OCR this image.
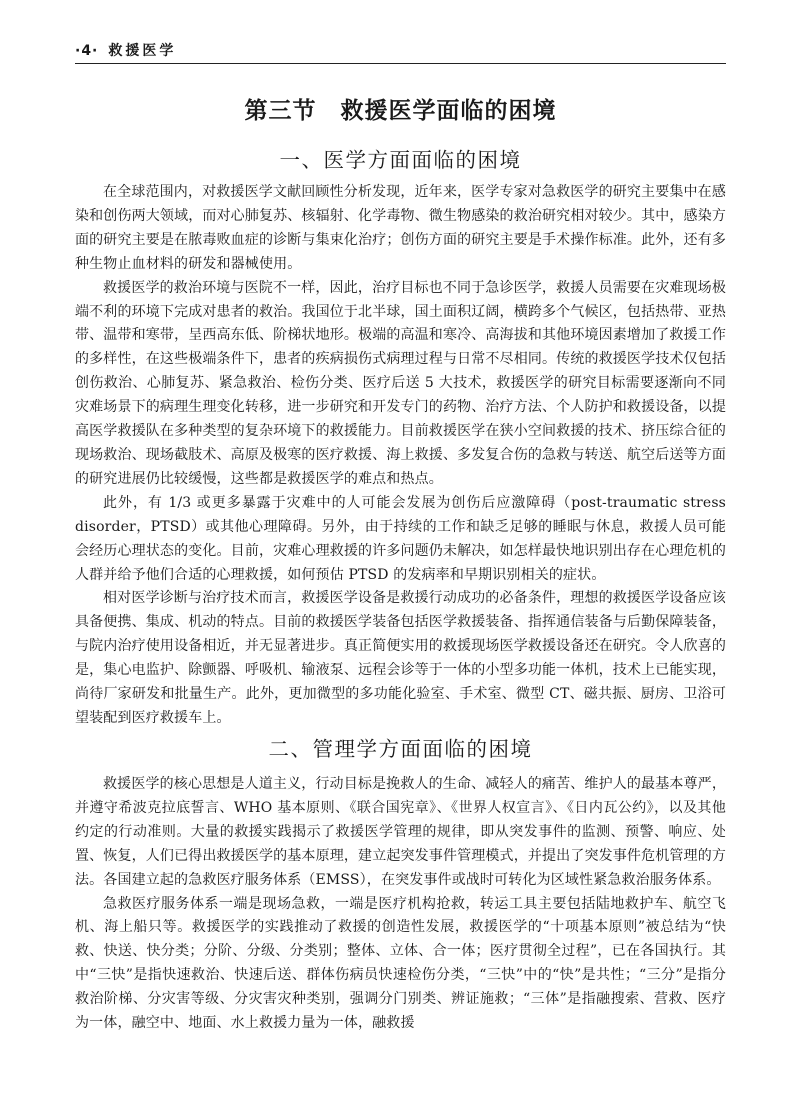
·4· 救援医学
第三节 救援医学面临的困境
一、医学方面面临的困境

在全球范围内，对救援医学文献回顾性分析发现，近年来，医学专家对急救医学的研究主要集中在感染和创伤两大领域，而对心肺复苏、核辐射、化学毒物、微生物感染的救治研究相对较少。其中，感染方面的研究主要是在脓毒败血症的诊断与集束化治疗；创伤方面的研究主要是手术操作标准。此外，还有多种生物止血材料的研发和器械使用。

救援医学的救治环境与医院不一样，因此，治疗目标也不同于急诊医学，救援人员需要在灾难现场极端不利的环境下完成对患者的救治。我国位于北半球，国土面积辽阔，横跨多个气候区，包括热带、亚热带、温带和寒带，呈西高东低、阶梯状地形。极端的高温和寒冷、高海拔和其他环境因素增加了救援工作的多样性，在这些极端条件下，患者的疾病损伤式病理过程与日常不尽相同。传统的救援医学技术仅包括创伤救治、心肺复苏、紧急救治、检伤分类、医疗后送 5 大技术，救援医学的研究目标需要逐渐向不同灾难场景下的病理生理变化转移，进一步研究和开发专门的药物、治疗方法、个人防护和救援设备，以提高医学救援队在多种类型的复杂环境下的救援能力。目前救援医学在狭小空间救援的技术、挤压综合征的现场救治、现场截肢术、高原及极寒的医疗救援、海上救援、多发复合伤的急救与转送、航空后送等方面的研究进展仍比较缓慢，这些都是救援医学的难点和热点。

此外，有 1/3 或更多暴露于灾难中的人可能会发展为创伤后应激障碍（post-traumatic stress disorder，PTSD）或其他心理障碍。另外，由于持续的工作和缺乏足够的睡眠与休息，救援人员可能会经历心理状态的变化。目前，灾难心理救援的许多问题仍未解决，如怎样最快地识别出存在心理危机的人群并给予他们合适的心理救援，如何预估 PTSD 的发病率和早期识别相关的症状。

相对医学诊断与治疗技术而言，救援医学设备是救援行动成功的必备条件，理想的救援医学设备应该具备便携、集成、机动的特点。目前的救援医学装备包括医学救援装备、指挥通信装备与后勤保障装备，与院内治疗使用设备相近，并无显著进步。真正简便实用的救援现场医学救援设备还在研究。令人欣喜的是，集心电监护、除颤器、呼吸机、输液泵、远程会诊等于一体的小型多功能一体机，技术上已能实现，尚待厂家研发和批量生产。此外，更加微型的多功能化验室、手术室、微型 CT、磁共振、厨房、卫浴可望装配到医疗救援车上。

二、管理学方面面临的困境

救援医学的核心思想是人道主义，行动目标是挽救人的生命、减轻人的痛苦、维护人的最基本尊严，并遵守希波克拉底誓言、WHO 基本原则、《联合国宪章》、《世界人权宣言》、《日内瓦公约》，以及其他约定的行动准则。大量的救援实践揭示了救援医学管理的规律，即从突发事件的监测、预警、响应、处置、恢复，人们已得出救援医学的基本原理，建立起突发事件管理模式，并提出了突发事件危机管理的方法。各国建立起的急救医疗服务体系（EMSS），在突发事件或战时可转化为区域性紧急救治服务体系。

急救医疗服务体系一端是现场急救，一端是医疗机构抢救，转运工具主要包括陆地救护车、航空飞机、海上船只等。救援医学的实践推动了救援的创造性发展，救援医学的“十项基本原则”被总结为“快救、快送、快分类；分阶、分级、分类别；整体、立体、合一体；医疗贯彻全过程”，已在各国执行。其中“三快”是指快速救治、快速后送、群体伤病员快速检伤分类，“三快”中的“快”是共性；“三分”是指分救治阶梯、分灾害等级、分灾害灾种类别，强调分门别类、辨证施救；“三体”是指融搜索、营救、医疗为一体，融空中、地面、水上救援力量为一体，融救援
